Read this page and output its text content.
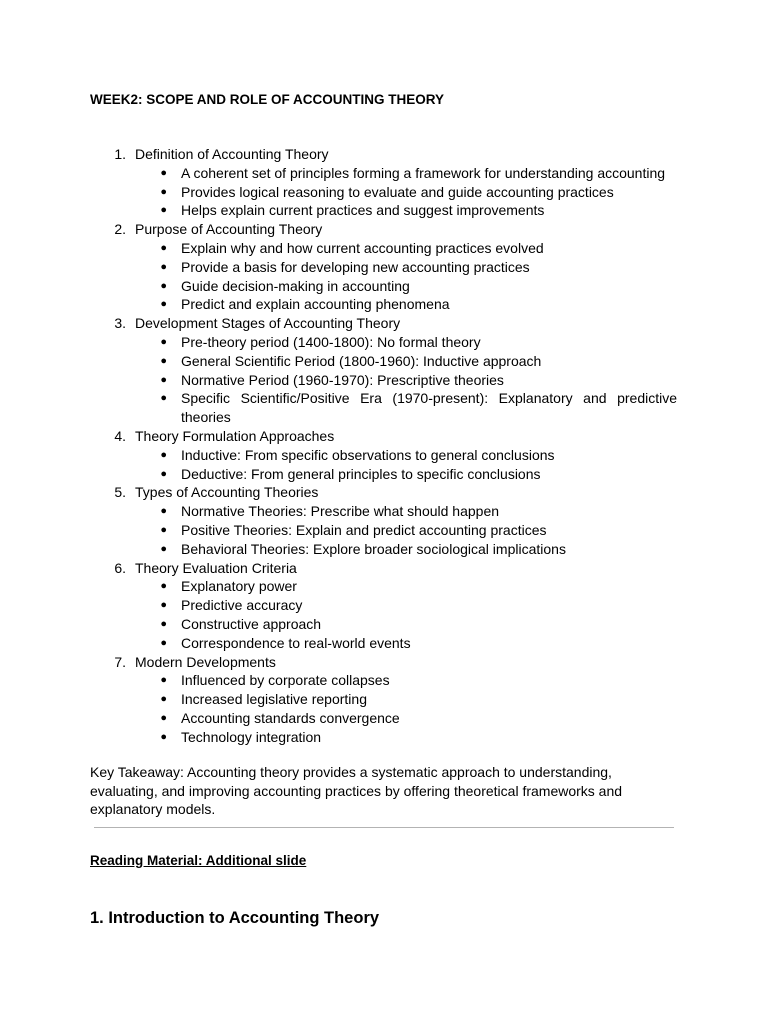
WEEK2: SCOPE AND ROLE OF ACCOUNTING THEORY
1. Definition of Accounting Theory
●	A coherent set of principles forming a framework for understanding accounting
●	Provides logical reasoning to evaluate and guide accounting practices
●	Helps explain current practices and suggest improvements
2. Purpose of Accounting Theory
●	Explain why and how current accounting practices evolved
●	Provide a basis for developing new accounting practices
●	Guide decision-making in accounting
●	Predict and explain accounting phenomena
3. Development Stages of Accounting Theory
●	Pre-theory period (1400-1800): No formal theory
●	General Scientific Period (1800-1960): Inductive approach
●	Normative Period (1960-1970): Prescriptive theories
●	Specific Scientific/Positive Era (1970-present): Explanatory and predictive theories
4. Theory Formulation Approaches
●	Inductive: From specific observations to general conclusions
●	Deductive: From general principles to specific conclusions
5. Types of Accounting Theories
●	Normative Theories: Prescribe what should happen
●	Positive Theories: Explain and predict accounting practices
●	Behavioral Theories: Explore broader sociological implications
6. Theory Evaluation Criteria
●	Explanatory power
●	Predictive accuracy
●	Constructive approach
●	Correspondence to real-world events
7. Modern Developments
●	Influenced by corporate collapses
●	Increased legislative reporting
●	Accounting standards convergence
●	Technology integration

Key Takeaway: Accounting theory provides a systematic approach to understanding, evaluating, and improving accounting practices by offering theoretical frameworks and explanatory models.

Reading Material: Additional slide
1. Introduction to Accounting Theory
